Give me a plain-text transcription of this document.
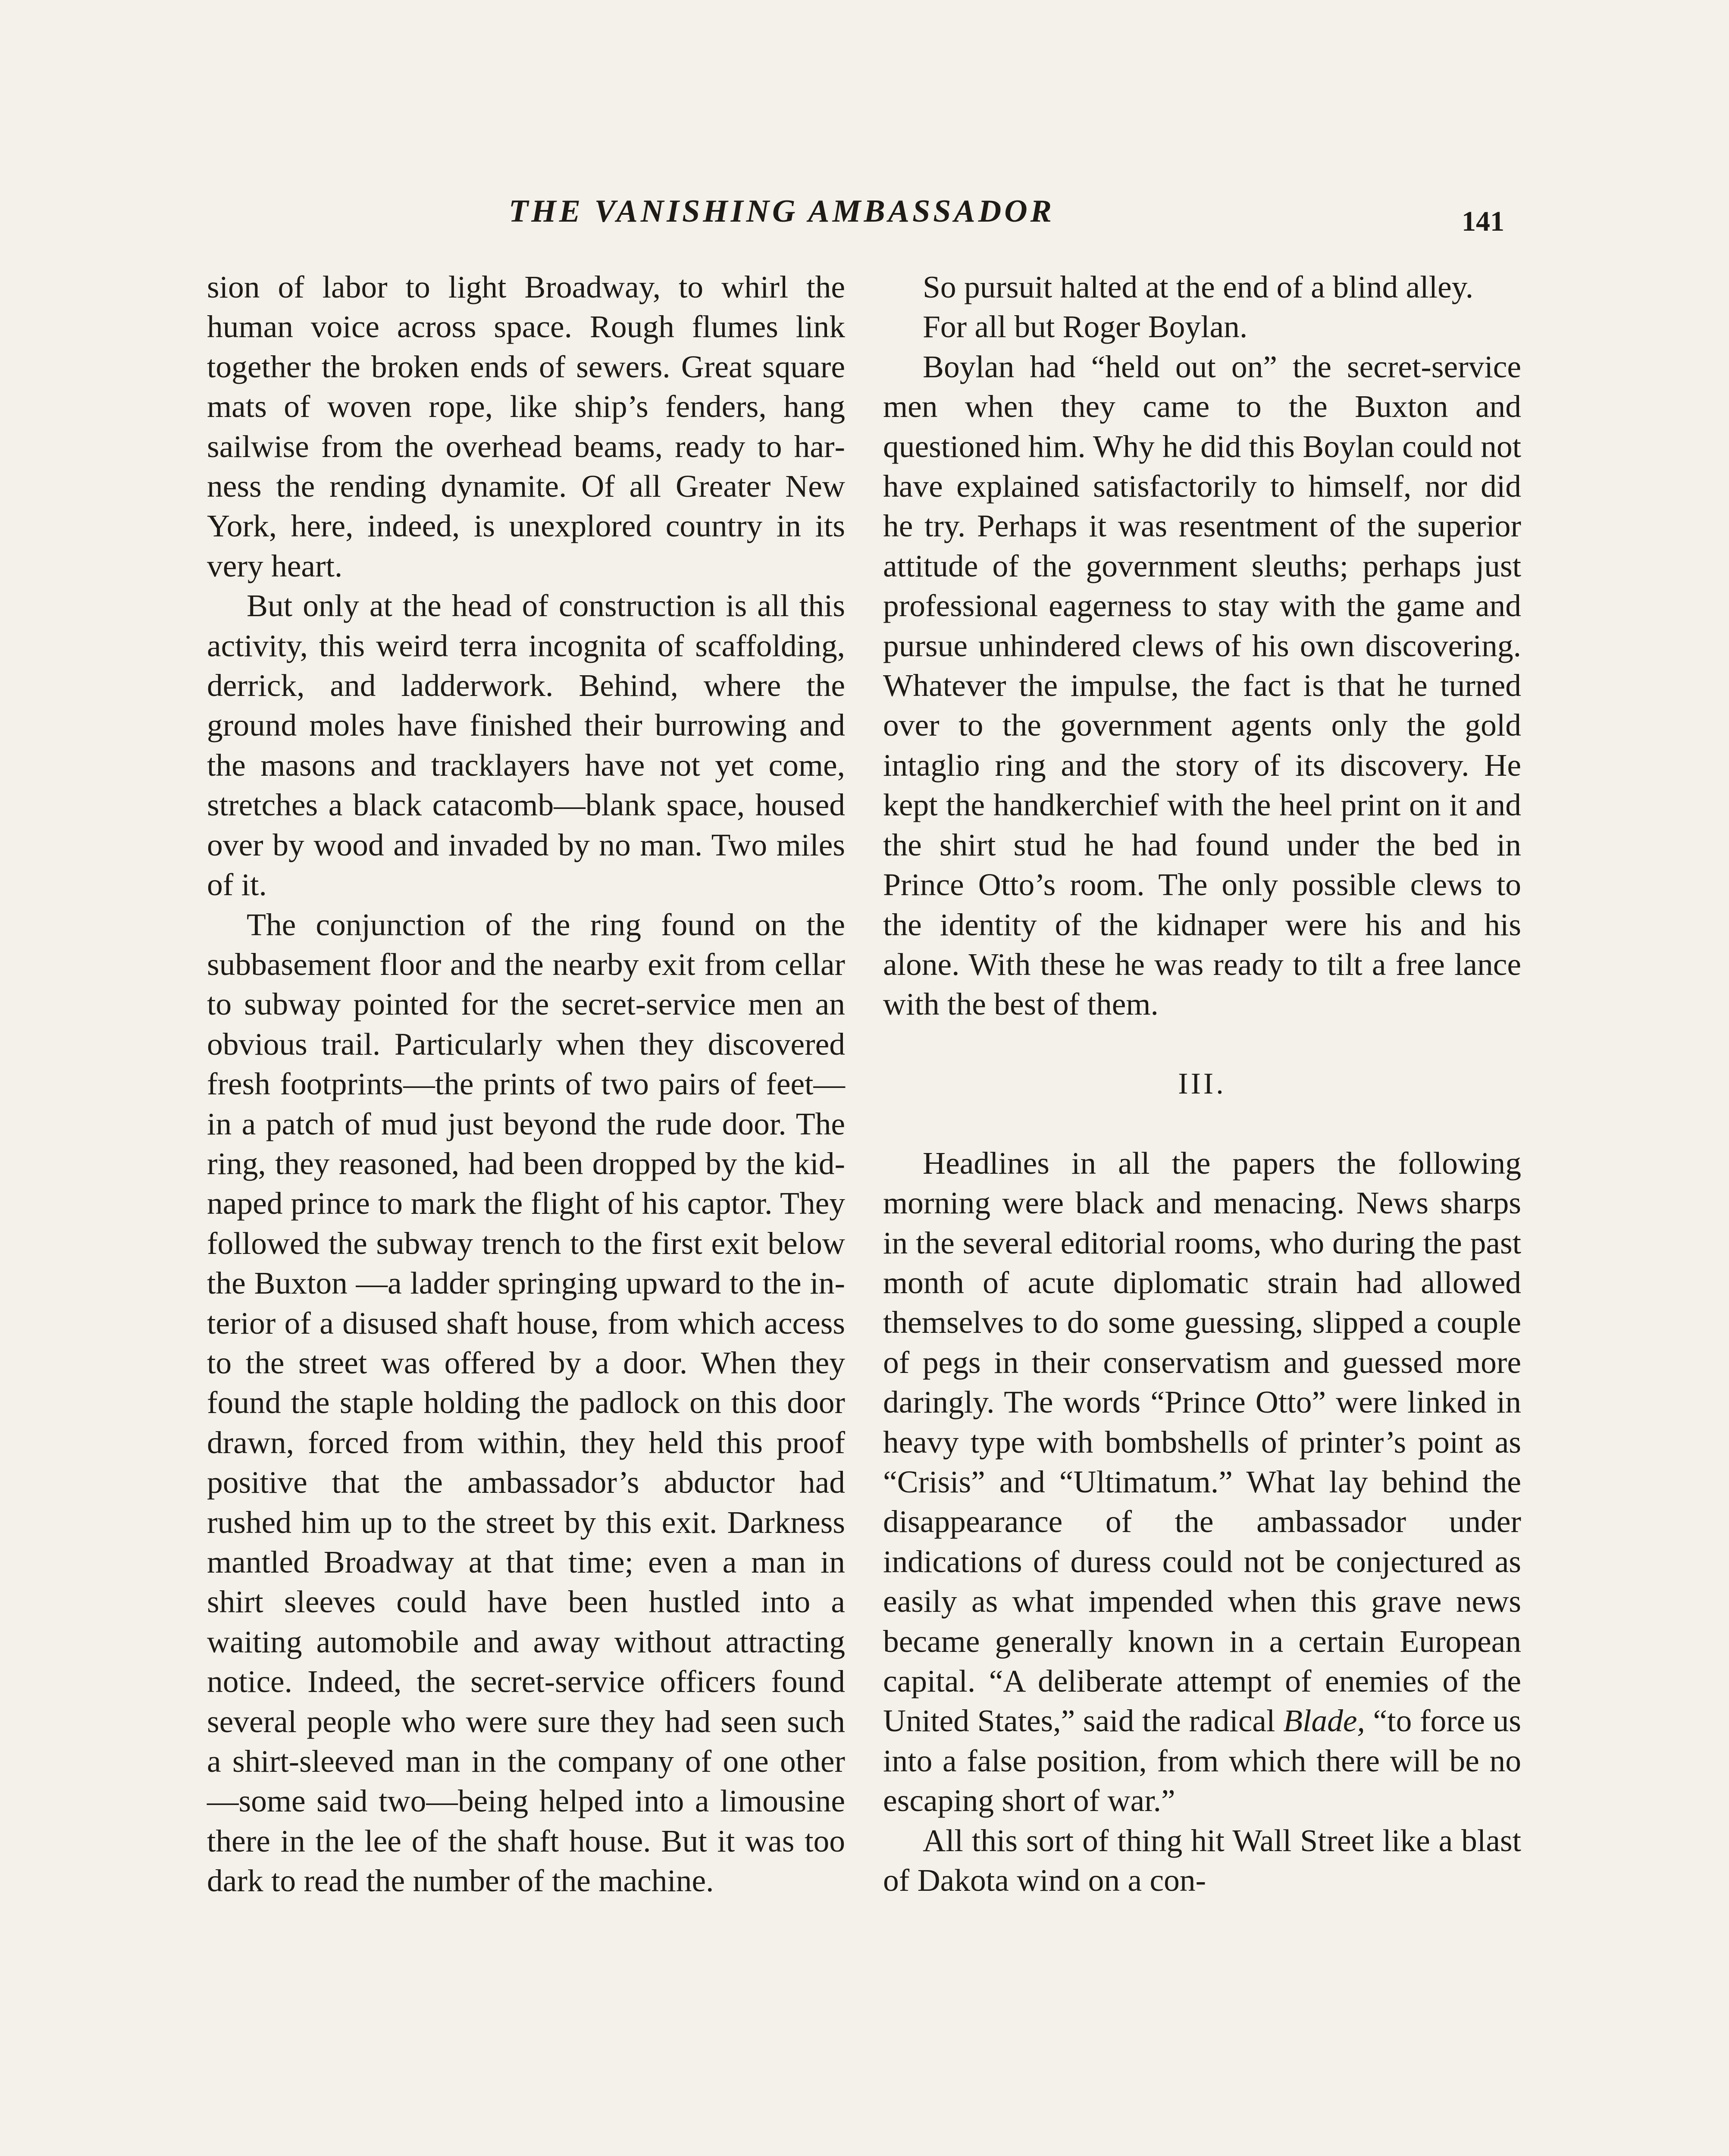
THE VANISHING AMBASSADOR	141

sion of labor to light Broadway, to whirl the human voice across space. Rough flumes link together the broken ends of sewers. Great square mats of woven rope, like ship’s fenders, hang sailwise from the overhead beams, ready to harness the rending dynamite. Of all Greater New York, here, indeed, is unexplored country in its very heart.

But only at the head of construction is all this activity, this weird terra incognita of scaffolding, derrick, and ladderwork. Behind, where the ground moles have finished their burrowing and the masons and tracklayers have not yet come, stretches a black catacomb—blank space, housed over by wood and invaded by no man. Two miles of it.

The conjunction of the ring found on the subbasement floor and the nearby exit from cellar to subway pointed for the secret-service men an obvious trail. Particularly when they discovered fresh footprints—the prints of two pairs of feet—in a patch of mud just beyond the rude door. The ring, they reasoned, had been dropped by the kidnaped prince to mark the flight of his captor. They followed the subway trench to the first exit below the Buxton —a ladder springing upward to the interior of a disused shaft house, from which access to the street was offered by a door. When they found the staple holding the padlock on this door drawn, forced from within, they held this proof positive that the ambassador’s abductor had rushed him up to the street by this exit. Darkness mantled Broadway at that time; even a man in shirt sleeves could have been hustled into a waiting automobile and away without attracting notice. Indeed, the secret-service officers found several people who were sure they had seen such a shirt-sleeved man in the company of one other—some said two—being helped into a limousine there in the lee of the shaft house. But it was too dark to read the number of the machine.

So pursuit halted at the end of a blind alley.

For all but Roger Boylan.

Boylan had “held out on” the secret-service men when they came to the Buxton and questioned him. Why he did this Boylan could not have explained satisfactorily to himself, nor did he try. Perhaps it was resentment of the superior attitude of the government sleuths; perhaps just professional eagerness to stay with the game and pursue unhindered clews of his own discovering. Whatever the impulse, the fact is that he turned over to the government agents only the gold intaglio ring and the story of its discovery. He kept the handkerchief with the heel print on it and the shirt stud he had found under the bed in Prince Otto’s room. The only possible clews to the identity of the kidnaper were his and his alone. With these he was ready to tilt a free lance with the best of them.

III.

Headlines in all the papers the following morning were black and menacing. News sharps in the several editorial rooms, who during the past month of acute diplomatic strain had allowed themselves to do some guessing, slipped a couple of pegs in their conservatism and guessed more daringly. The words “Prince Otto” were linked in heavy type with bombshells of printer’s point as “Crisis” and “Ultimatum.” What lay behind the disappearance of the ambassador under indications of duress could not be conjectured as easily as what impended when this grave news became generally known in a certain European capital. “A deliberate attempt of enemies of the United States,” said the radical Blade, “to force us into a false position, from which there will be no escaping short of war.”

All this sort of thing hit Wall Street like a blast of Dakota wind on a con-
